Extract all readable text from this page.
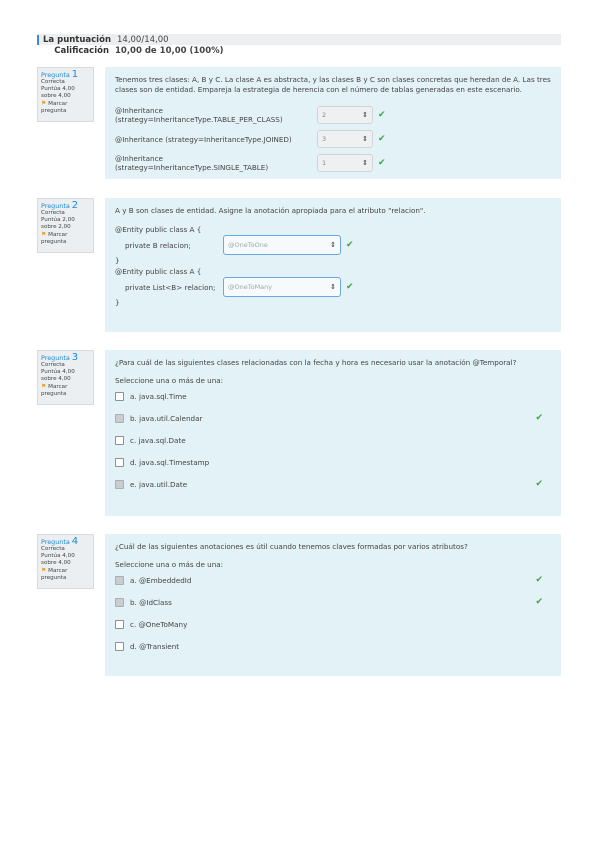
La puntuación 14,00/14,00
Calificación 10,00 de 10,00 (100%)
Pregunta 1
Correcta
Puntúa 4,00 sobre 4,00
⚑ Marcar pregunta
Tenemos tres clases: A, B y C. La clase A es abstracta, y las clases B y C son clases concretas que heredan de A. Las tres clases son de entidad. Empareja la estrategia de herencia con el número de tablas generadas en este escenario.
@Inheritance (strategy=InheritanceType.TABLE_PER_CLASS)	2	⇕ ✔
@Inheritance (strategy=InheritanceType.JOINED)	3	⇕ ✔
@Inheritance (strategy=InheritanceType.SINGLE_TABLE)	1	⇕ ✔
Pregunta 2
Correcta
Puntúa 2,00 sobre 2,00
⚑ Marcar pregunta
A y B son clases de entidad. Asigne la anotación apropiada para el atributo "relacion".
@Entity public class A {
private B relacion;	@OneToOne	⇕ ✔
}
@Entity public class A {
private List<B> relacion;	@OneToMany	⇕ ✔
}
Pregunta 3
Correcta
Puntúa 4,00 sobre 4,00
⚑ Marcar pregunta
¿Para cuál de las siguientes clases relacionadas con la fecha y hora es necesario usar la anotación @Temporal?
Seleccione una o más de una:
a. java.sql.Time
b. java.util.Calendar	✔
c. java.sql.Date
d. java.sql.Timestamp
e. java.util.Date	✔
Pregunta 4
Correcta
Puntúa 4,00 sobre 4,00
⚑ Marcar pregunta
¿Cuál de las siguientes anotaciones es útil cuando tenemos claves formadas por varios atributos?
Seleccione una o más de una:
a. @EmbeddedId	✔
b. @IdClass	✔
c. @OneToMany
d. @Transient
